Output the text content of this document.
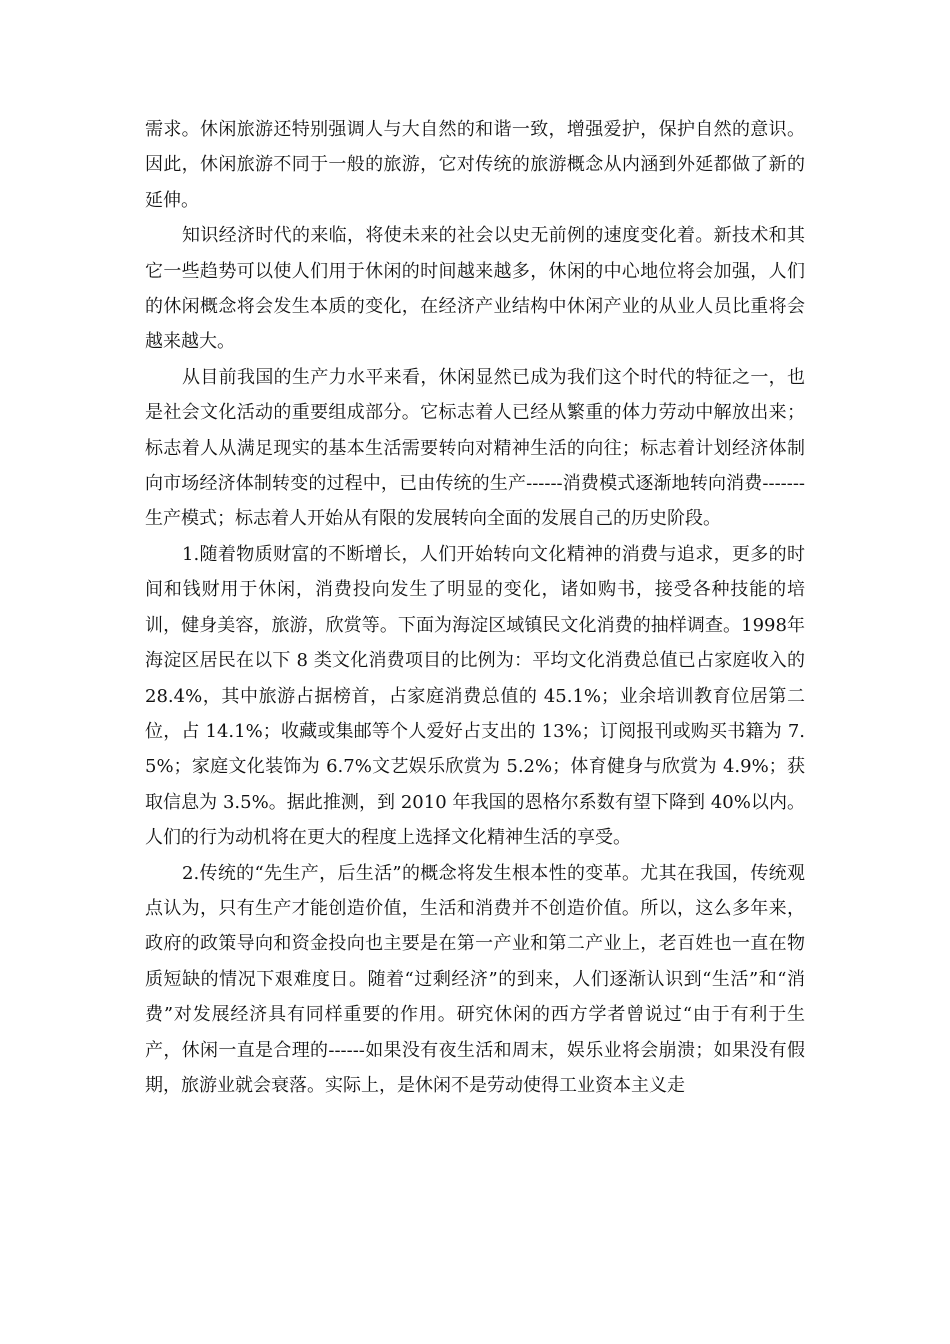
需求。休闲旅游还特别强调人与大自然的和谐一致，增强爱护，保护自然的意识。因此，休闲旅游不同于一般的旅游，它对传统的旅游概念从内涵到外延都做了新的延伸。

知识经济时代的来临，将使未来的社会以史无前例的速度变化着。新技术和其它一些趋势可以使人们用于休闲的时间越来越多，休闲的中心地位将会加强，人们的休闲概念将会发生本质的变化，在经济产业结构中休闲产业的从业人员比重将会越来越大。

从目前我国的生产力水平来看，休闲显然已成为我们这个时代的特征之一，也是社会文化活动的重要组成部分。它标志着人已经从繁重的体力劳动中解放出来；标志着人从满足现实的基本生活需要转向对精神生活的向往；标志着计划经济体制向市场经济体制转变的过程中，已由传统的生产------消费模式逐渐地转向消费-------生产模式；标志着人开始从有限的发展转向全面的发展自己的历史阶段。

1.随着物质财富的不断增长，人们开始转向文化精神的消费与追求，更多的时间和钱财用于休闲，消费投向发生了明显的变化，诸如购书，接受各种技能的培训，健身美容，旅游，欣赏等。下面为海淀区域镇民文化消费的抽样调查。1998年海淀区居民在以下 8 类文化消费项目的比例为：平均文化消费总值已占家庭收入的 28.4%，其中旅游占据榜首，占家庭消费总值的 45.1%；业余培训教育位居第二位，占 14.1%；收藏或集邮等个人爱好占支出的 13%；订阅报刊或购买书籍为 7.5%；家庭文化装饰为 6.7%文艺娱乐欣赏为 5.2%；体育健身与欣赏为 4.9%；获取信息为 3.5%。据此推测，到 2010 年我国的恩格尔系数有望下降到 40%以内。人们的行为动机将在更大的程度上选择文化精神生活的享受。

2.传统的“先生产，后生活”的概念将发生根本性的变革。尤其在我国，传统观点认为，只有生产才能创造价值，生活和消费并不创造价值。所以，这么多年来，政府的政策导向和资金投向也主要是在第一产业和第二产业上，老百姓也一直在物质短缺的情况下艰难度日。随着“过剩经济”的到来，人们逐渐认识到“生活”和“消费”对发展经济具有同样重要的作用。研究休闲的西方学者曾说过“由于有利于生产，休闲一直是合理的------如果没有夜生活和周末，娱乐业将会崩溃；如果没有假期，旅游业就会衰落。实际上，是休闲不是劳动使得工业资本主义走
